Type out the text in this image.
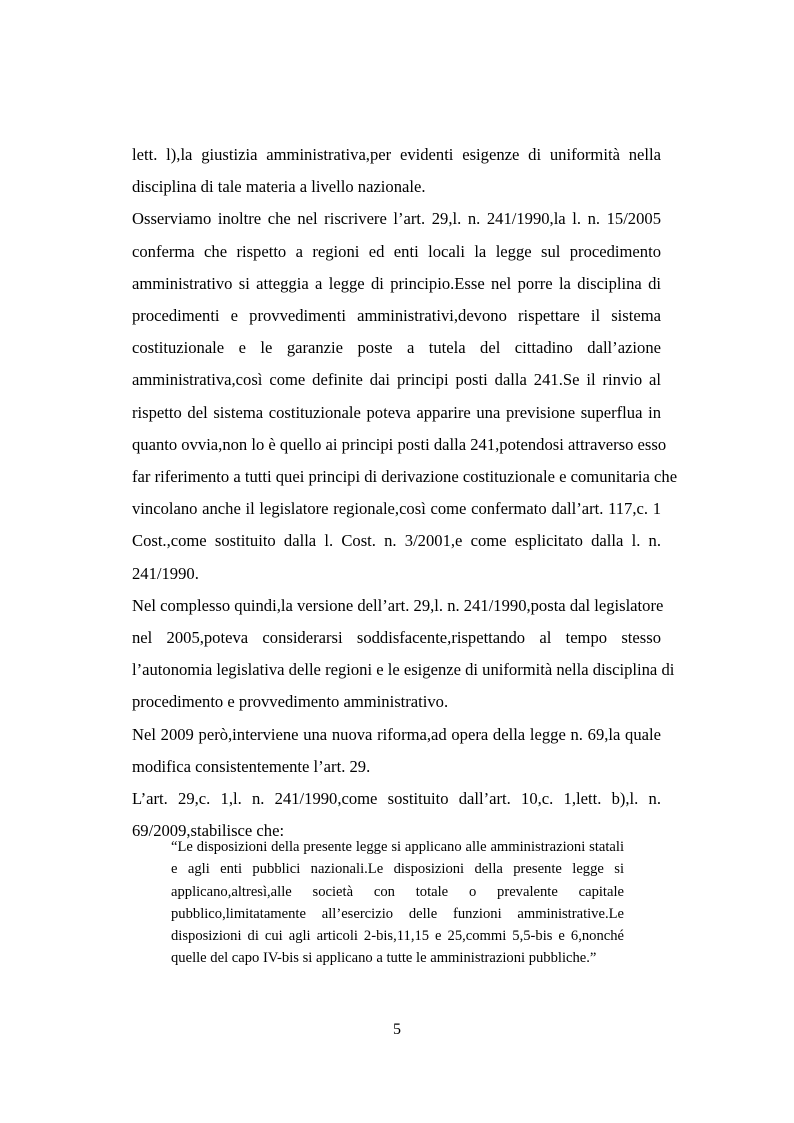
lett. l),la giustizia amministrativa,per evidenti esigenze di uniformità nella
disciplina di tale materia a livello nazionale.

Osserviamo inoltre che nel riscrivere l’art. 29,l. n. 241/1990,la l. n. 15/2005
conferma che rispetto a regioni ed enti locali la legge sul procedimento
amministrativo si atteggia a legge di principio.Esse nel porre la disciplina di
procedimenti e provvedimenti amministrativi,devono rispettare il sistema
costituzionale e le garanzie poste a tutela del cittadino dall’azione
amministrativa,così come definite dai principi posti dalla 241.Se il rinvio al
rispetto del sistema costituzionale poteva apparire una previsione superflua in
quanto ovvia,non lo è quello ai principi posti dalla 241,potendosi attraverso esso
far riferimento a tutti quei principi di derivazione costituzionale e comunitaria che
vincolano anche il legislatore regionale,così come confermato dall’art. 117,c. 1
Cost.,come sostituito dalla l. Cost. n. 3/2001,e come esplicitato dalla l. n.
241/1990.

Nel complesso quindi,la versione dell’art. 29,l. n. 241/1990,posta dal legislatore
nel 2005,poteva considerarsi soddisfacente,rispettando al tempo stesso
l’autonomia legislativa delle regioni e le esigenze di uniformità nella disciplina di
procedimento e provvedimento amministrativo.

Nel 2009 però,interviene una nuova riforma,ad opera della legge n. 69,la quale
modifica consistentemente l’art. 29.

L’art. 29,c. 1,l. n. 241/1990,come sostituito dall’art. 10,c. 1,lett. b),l. n.
69/2009,stabilisce che:

“Le disposizioni della presente legge si applicano alle amministrazioni statali
e agli enti pubblici nazionali.Le disposizioni della presente legge si
applicano,altresì,alle società con totale o prevalente capitale
pubblico,limitatamente all’esercizio delle funzioni amministrative.Le
disposizioni di cui agli articoli 2-bis,11,15 e 25,commi 5,5-bis e 6,nonché
quelle del capo IV-bis si applicano a tutte le amministrazioni pubbliche.”
5
